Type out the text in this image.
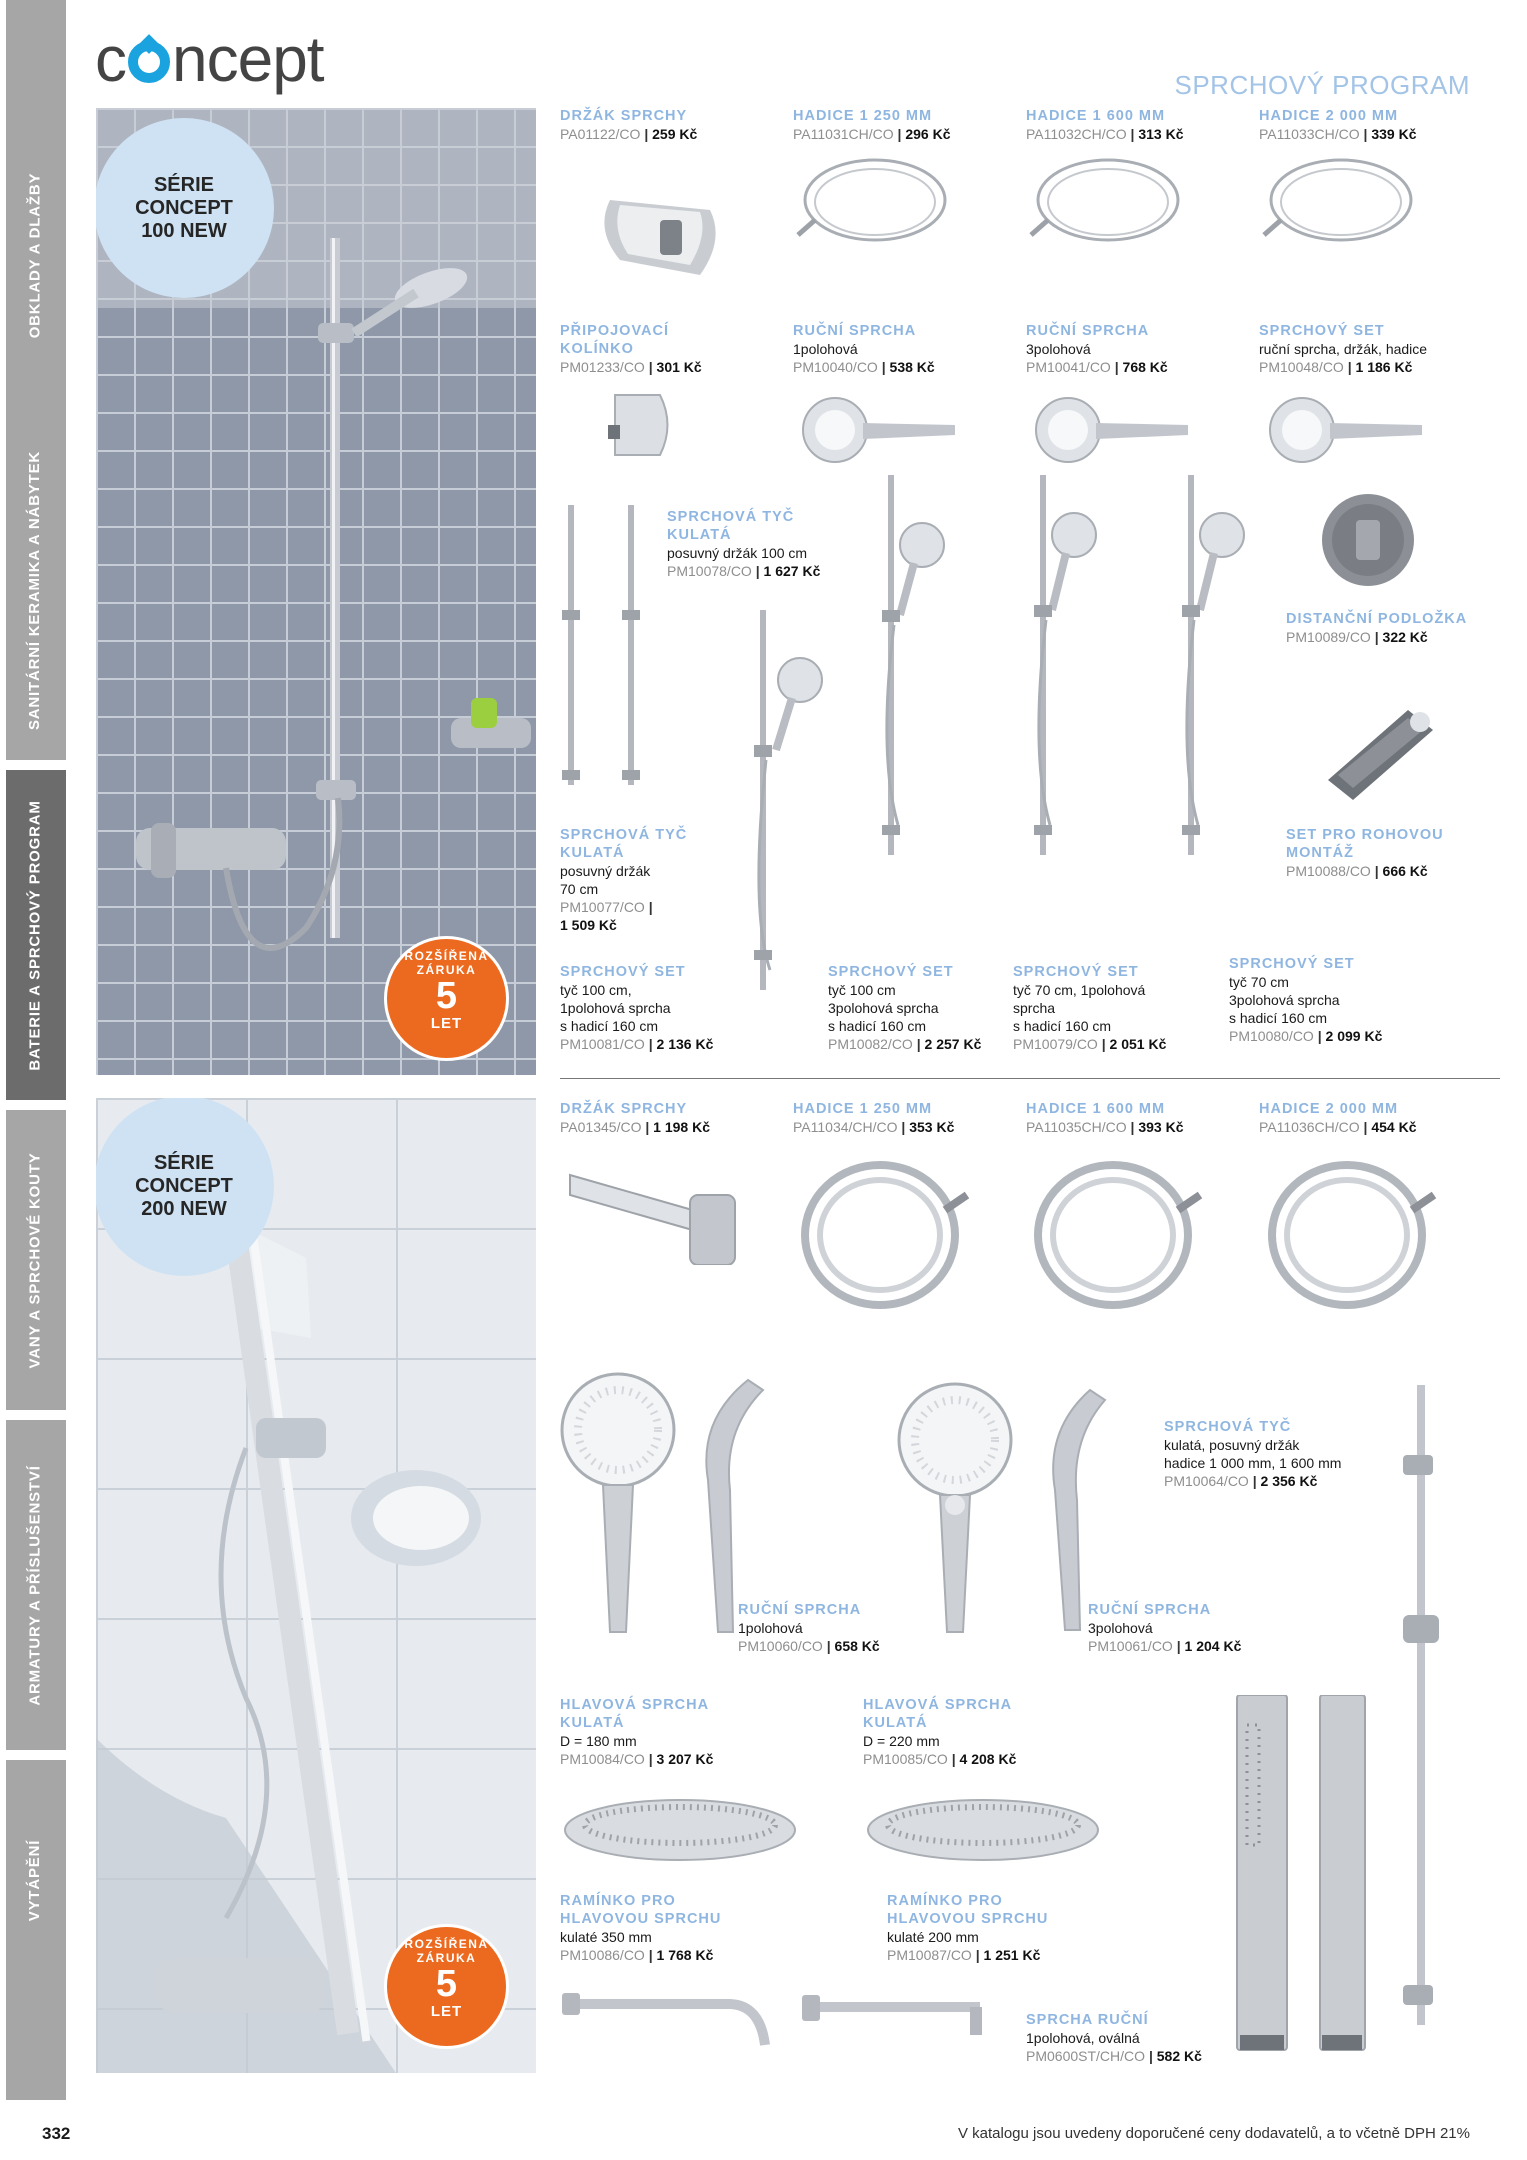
OBKLADY A DLAŽBY
SANITÁRNÍ KERAMIKA A NÁBYTEK
BATERIE A SPRCHOVÝ PROGRAM
VANY A SPRCHOVÉ KOUTY
ARMATURY A PŘÍSLUŠENSTVÍ
VYTÁPĚNÍ
c ncept	SPRCHOVÝ PROGRAM
SÉRIE
CONCEPT
100 NEW
ROZŠÍŘENÁ ZÁRUKA
5
LET
SÉRIE
CONCEPT
200 NEW
ROZŠÍŘENÁ ZÁRUKA
5
LET
DRŽÁK SPRCHY
PA01122/CO | 259 Kč
HADICE 1 250 MM
PA11031CH/CO | 296 Kč
HADICE 1 600 MM
PA11032CH/CO | 313 Kč
HADICE 2 000 MM
PA11033CH/CO | 339 Kč
PŘIPOJOVACÍ
KOLÍNKO
PM01233/CO | 301 Kč
RUČNÍ SPRCHA
1polohová
PM10040/CO | 538 Kč
RUČNÍ SPRCHA
3polohová
PM10041/CO | 768 Kč
SPRCHOVÝ SET
ruční sprcha, držák, hadice
PM10048/CO | 1 186 Kč
SPRCHOVÁ TYČ
KULATÁ
posuvný držák 100 cm
PM10078/CO | 1 627 Kč
DISTANČNÍ PODLOŽKA
PM10089/CO | 322 Kč
SET PRO ROHOVOU
MONTÁŽ
PM10088/CO | 666 Kč
SPRCHOVÁ TYČ
KULATÁ
posuvný držák
70 cm
PM10077/CO |
1 509 Kč
SPRCHOVÝ SET
tyč 100 cm,
1polohová sprcha
s hadicí 160 cm
PM10081/CO | 2 136 Kč
SPRCHOVÝ SET
tyč 100 cm
3polohová sprcha
s hadicí 160 cm
PM10082/CO | 2 257 Kč
SPRCHOVÝ SET
tyč 70 cm, 1polohová
sprcha
s hadicí 160 cm
PM10079/CO | 2 051 Kč
SPRCHOVÝ SET
tyč 70 cm
3polohová sprcha
s hadicí 160 cm
PM10080/CO | 2 099 Kč
DRŽÁK SPRCHY
PA01345/CO | 1 198 Kč
HADICE 1 250 MM
PA11034/CH/CO | 353 Kč
HADICE 1 600 MM
PA11035CH/CO | 393 Kč
HADICE 2 000 MM
PA11036CH/CO | 454 Kč
RUČNÍ SPRCHA
1polohová
PM10060/CO | 658 Kč
RUČNÍ SPRCHA
3polohová
PM10061/CO | 1 204 Kč
SPRCHOVÁ TYČ
kulatá, posuvný držák
hadice 1 000 mm, 1 600 mm
PM10064/CO | 2 356 Kč
HLAVOVÁ SPRCHA
KULATÁ
D = 180 mm
PM10084/CO | 3 207 Kč
HLAVOVÁ SPRCHA
KULATÁ
D = 220 mm
PM10085/CO | 4 208 Kč
RAMÍNKO PRO
HLAVOVOU SPRCHU
kulaté 350 mm
PM10086/CO | 1 768 Kč
RAMÍNKO PRO
HLAVOVOU SPRCHU
kulaté 200 mm
PM10087/CO | 1 251 Kč
SPRCHA RUČNÍ
1polohová, oválná
PM0600ST/CH/CO | 582 Kč
332	V katalogu jsou uvedeny doporučené ceny dodavatelů, a to včetně DPH 21%
